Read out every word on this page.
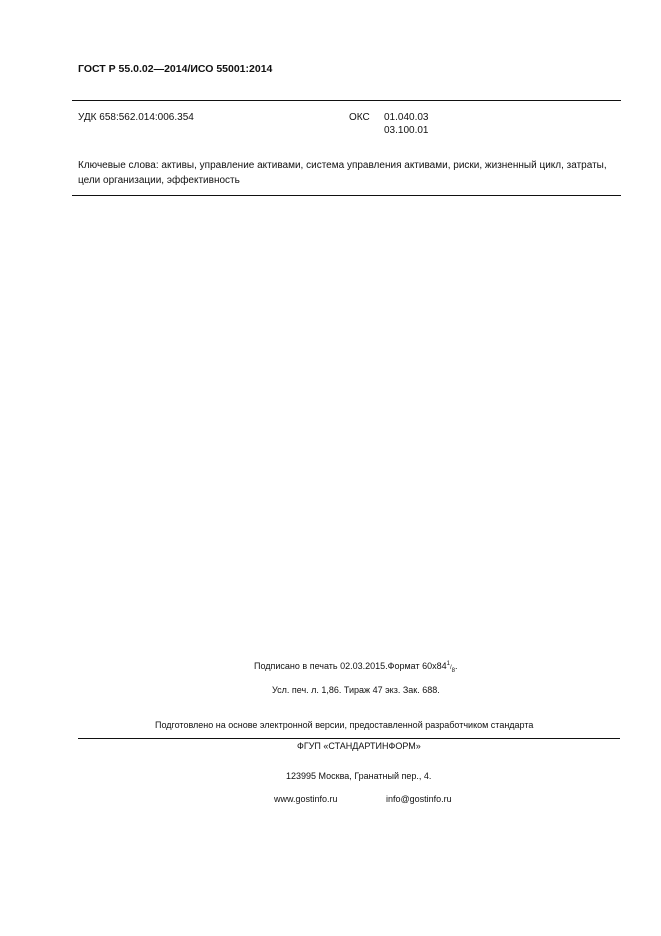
ГОСТ Р 55.0.02—2014/ИСО 55001:2014
УДК 658:562.014:006.354	ОКС 01.040.03
03.100.01
Ключевые слова: активы, управление активами, система управления активами, риски, жизненный цикл, затраты, цели организации, эффективность
Подписано в печать 02.03.2015.Формат $60х84^1/_8$.
Усл. печ. л. 1,86. Тираж 47 экз. Зак. 688.
Подготовлено на основе электронной версии, предоставленной разработчиком стандарта
ФГУП «СТАНДАРТИНФОРМ»
123995 Москва, Гранатный пер., 4.
www.gostinfo.ru	info@gostinfo.ru
